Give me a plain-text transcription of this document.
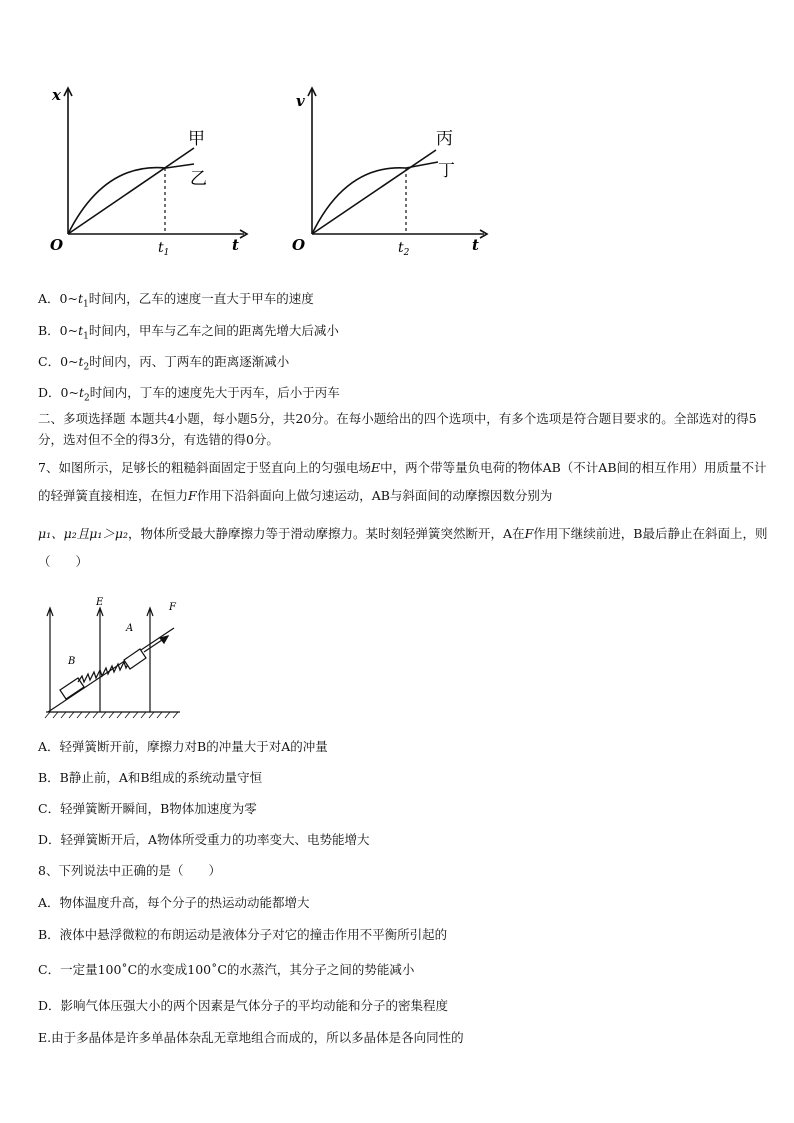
x
t
O	$t_1$
甲
乙
v
t
O	$t_2$
丙
丁
A．$0\sim t_1$时间内，乙车的速度一直大于甲车的速度
B．$0\sim t_1$时间内，甲车与乙车之间的距离先增大后减小
C．$0\sim t_2$时间内，丙、丁两车的距离逐渐减小
D．$0\sim t_2$时间内，丁车的速度先大于丙车，后小于丙车
二、多项选择题 本题共4小题，每小题5分，共20分。在每小题给出的四个选项中，有多个选项是符合题目要求的。全部选对的得5分，选对但不全的得3分，有选错的得0分。
7、如图所示，足够长的粗糙斜面固定于竖直向上的匀强电场E中，两个带等量负电荷的物体AB（不计AB间的相互作用）用质量不计的轻弹簧直接相连，在恒力F作用下沿斜面向上做匀速运动，AB与斜面间的动摩擦因数分别为
μ₁、μ₂且μ₁＞μ₂，物体所受最大静摩擦力等于滑动摩擦力。某时刻轻弹簧突然断开，A在F作用下继续前进，B最后静止在斜面上，则（　　）
E	F
A
B
A．轻弹簧断开前，摩擦力对B的冲量大于对A的冲量
B．B静止前，A和B组成的系统动量守恒
C．轻弹簧断开瞬间，B物体加速度为零
D．轻弹簧断开后，A物体所受重力的功率变大、电势能增大
8、下列说法中正确的是（　　）
A．物体温度升高，每个分子的热运动动能都增大
B．液体中悬浮微粒的布朗运动是液体分子对它的撞击作用不平衡所引起的
C．一定量100˚C的水变成100˚C的水蒸汽，其分子之间的势能减小
D．影响气体压强大小的两个因素是气体分子的平均动能和分子的密集程度
E.由于多晶体是许多单晶体杂乱无章地组合而成的，所以多晶体是各向同性的
